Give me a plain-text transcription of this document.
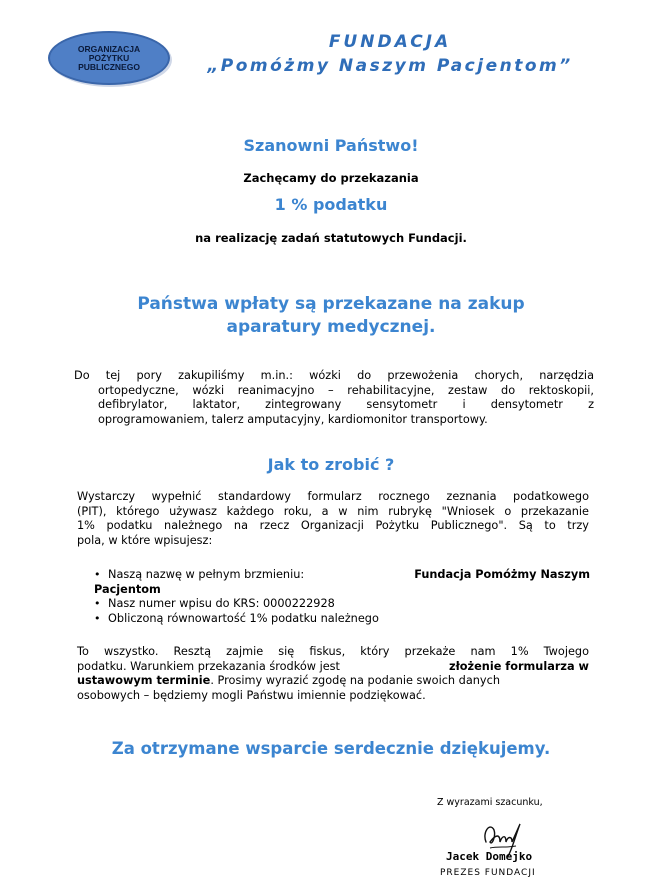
ORGANIZACJA
POŻYTKU
PUBLICZNEGO
FUNDACJA
„Pomóżmy Naszym Pacjentom”
Szanowni Państwo!
Zachęcamy do przekazania
1 % podatku
na realizację zadań statutowych Fundacji.
Państwa wpłaty są przekazane na zakup
aparatury medycznej.
Do tej pory zakupiliśmy m.in.: wózki do przewożenia chorych, narzędzia
ortopedyczne, wózki reanimacyjno – rehabilitacyjne, zestaw do rektoskopii,
defibrylator, laktator, zintegrowany sensytometr i densytometr z
oprogramowaniem, talerz amputacyjny, kardiomonitor transportowy.
Jak to zrobić ?
Wystarczy wypełnić standardowy formularz rocznego zeznania podatkowego
(PIT), którego używasz każdego roku, a w nim rubrykę "Wniosek o przekazanie
1% podatku należnego na rzecz Organizacji Pożytku Publicznego". Są to trzy
pola, w które wpisujesz:
• Naszą nazwę w pełnym brzmieniu:	Fundacja Pomóżmy Naszym
Pacjentom
• Nasz numer wpisu do KRS: 0000222928
• Obliczoną równowartość 1% podatku należnego
To wszystko. Resztą zajmie się fiskus, który przekaże nam 1% Twojego
podatku. Warunkiem przekazania środków jest	złożenie formularza w
ustawowym terminie. Prosimy wyrazić zgodę na podanie swoich danych
osobowych – będziemy mogli Państwu imiennie podziękować.
Za otrzymane wsparcie serdecznie dziękujemy.
Z wyrazami szacunku,
Jacek Domejko
PREZES FUNDACJI
